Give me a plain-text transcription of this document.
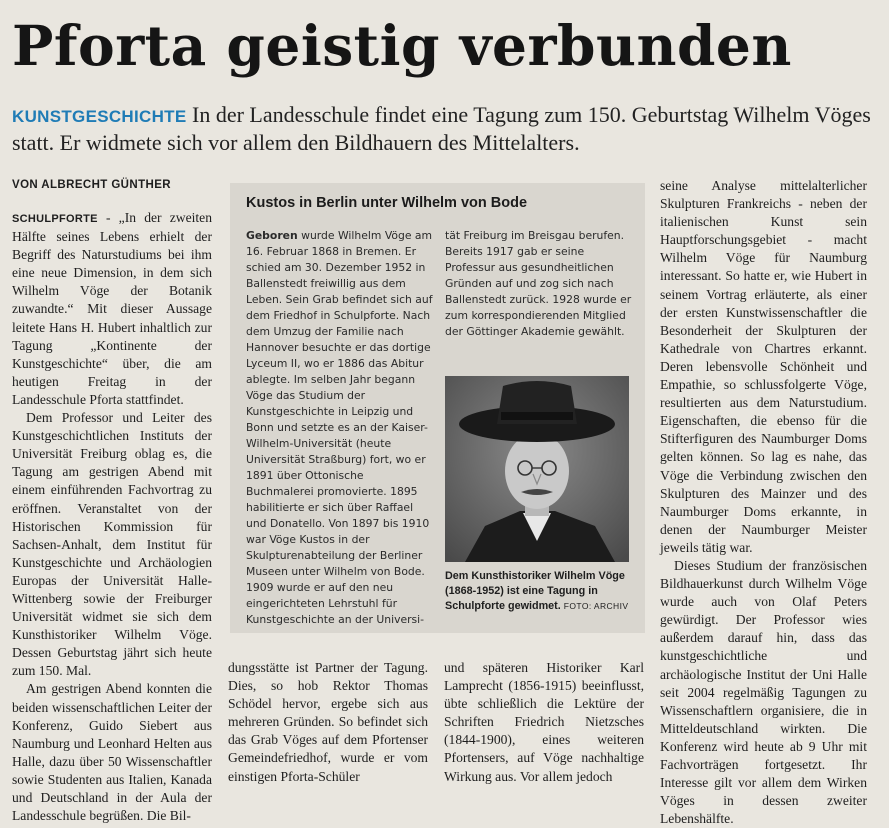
Pforta geistig verbunden
KUNSTGESCHICHTE In der Landesschule findet eine Tagung zum 150. Geburtstag Wilhelm Vöges statt. Er widmete sich vor allem den Bildhauern des Mittelalters.
VON ALBRECHT GÜNTHER

SCHULPFORTE - „In der zweiten Hälfte seines Lebens erhielt der Begriff des Naturstudiums bei ihm eine neue Dimension, in dem sich Wilhelm Vöge der Botanik zuwandte.“ Mit dieser Aussage leitete Hans H. Hubert inhaltlich zur Tagung „Kontinente der Kunstgeschichte“ über, die am heutigen Freitag in der Landesschule Pforta stattfindet.

Dem Professor und Leiter des Kunstgeschichtlichen Instituts der Universität Freiburg oblag es, die Tagung am gestrigen Abend mit einem einführenden Fachvortrag zu eröffnen. Veranstaltet von der Historischen Kommission für Sachsen-Anhalt, dem Institut für Kunstgeschichte und Archäologien Europas der Universität Halle-Wittenberg sowie der Freiburger Universität widmet sie sich dem Kunsthistoriker Wilhelm Vöge. Dessen Geburtstag jährt sich heute zum 150. Mal.

Am gestrigen Abend konnten die beiden wissenschaftlichen Leiter der Konferenz, Guido Siebert aus Naumburg und Leonhard Helten aus Halle, dazu über 50 Wissenschaftler sowie Studenten aus Italien, Kanada und Deutschland in der Aula der Landesschule begrüßen. Die Bil-

Kustos in Berlin unter Wilhelm von Bode

Geboren wurde Wilhelm Vöge am 16. Februar 1868 in Bremen. Er schied am 30. Dezember 1952 in Ballenstedt freiwillig aus dem Leben. Sein Grab befindet sich auf dem Friedhof in Schulpforte. Nach dem Umzug der Familie nach Hannover besuchte er das dortige Lyceum II, wo er 1886 das Abitur ablegte. Im selben Jahr begann Vöge das Studium der Kunstgeschichte in Leipzig und Bonn und setzte es an der Kaiser-Wilhelm-Universität (heute Universität Straßburg) fort, wo er 1891 über Ottonische Buchmalerei promovierte. 1895 habilitierte er sich über Raffael und Donatello. Von 1897 bis 1910 war Vöge Kustos in der Skulpturenabteilung der Berliner Museen unter Wilhelm von Bode. 1909 wurde er auf den neu eingerichteten Lehrstuhl für Kunstgeschichte an der Universi-

tät Freiburg im Breisgau berufen. Bereits 1917 gab er seine Professur aus gesundheitlichen Gründen auf und zog sich nach Ballenstedt zurück. 1928 wurde er zum korrespondierenden Mitglied der Göttinger Akademie gewählt.

Dem Kunsthistoriker Wilhelm Vöge (1868-1952) ist eine Tagung in Schulpforte gewidmet. FOTO: ARCHIV

dungsstätte ist Partner der Tagung. Dies, so hob Rektor Thomas Schödel hervor, ergebe sich aus mehreren Gründen. So befindet sich das Grab Vöges auf dem Pfortenser Gemeindefriedhof, wurde er vom einstigen Pforta-Schüler

und späteren Historiker Karl Lamprecht (1856-1915) beeinflusst, übte schließlich die Lektüre der Schriften Friedrich Nietzsches (1844-1900), eines weiteren Pfortensers, auf Vöge nachhaltige Wirkung aus. Vor allem jedoch

seine Analyse mittelalterlicher Skulpturen Frankreichs - neben der italienischen Kunst sein Hauptforschungsgebiet - macht Wilhelm Vöge für Naumburg interessant. So hatte er, wie Hubert in seinem Vortrag erläuterte, als einer der ersten Kunstwissenschaftler die Besonderheit der Skulpturen der Kathedrale von Chartres erkannt. Deren lebensvolle Schönheit und Empathie, so schlussfolgerte Vöge, resultierten aus dem Naturstudium. Eigenschaften, die ebenso für die Stifterfiguren des Naumburger Doms gelten können. So lag es nahe, das Vöge die Verbindung zwischen den Skulpturen des Mainzer und des Naumburger Doms erkannte, in denen der Naumburger Meister jeweils tätig war.

Dieses Studium der französischen Bildhauerkunst durch Wilhelm Vöge wurde auch von Olaf Peters gewürdigt. Der Professor wies außerdem darauf hin, dass das kunstgeschichtliche und archäologische Institut der Uni Halle seit 2004 regelmäßig Tagungen zu Wissenschaftlern organisiere, die in Mitteldeutschland wirkten. Die Konferenz wird heute ab 9 Uhr mit Fachvorträgen fortgesetzt. Ihr Interesse gilt vor allem dem Wirken Vöges in dessen zweiter Lebenshälfte.
